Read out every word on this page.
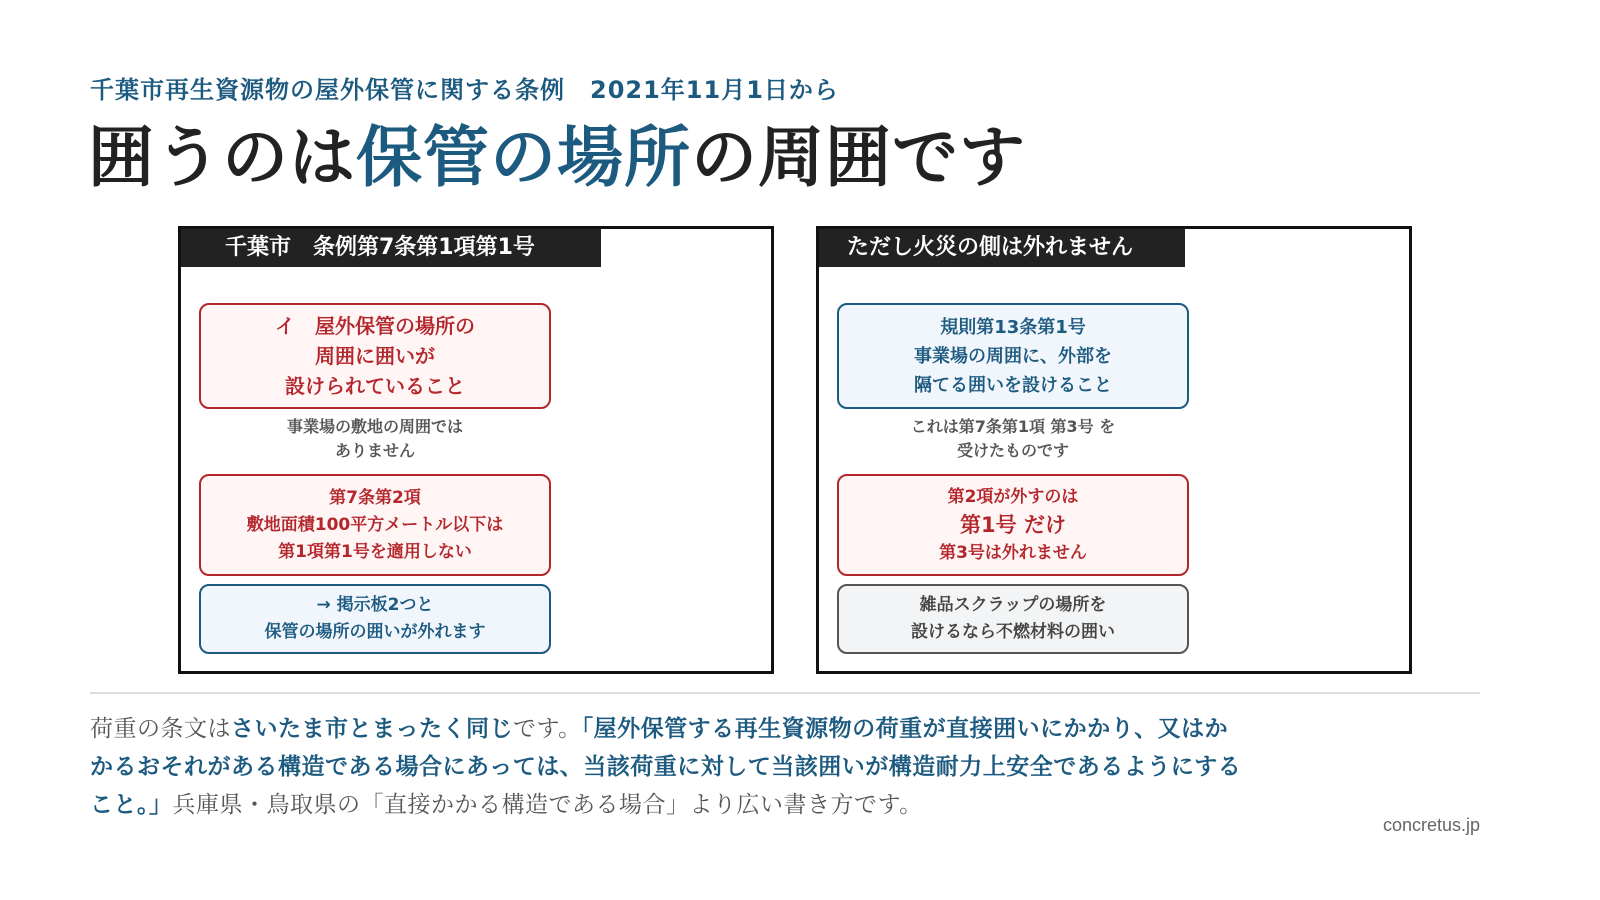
千葉市再生資源物の屋外保管に関する条例　2021年11月1日から
囲うのは保管の場所の周囲です
千葉市　条例第7条第1項第1号
イ　屋外保管の場所の
周囲に囲いが
設けられていること
事業場の敷地の周囲では
ありません
第7条第2項
敷地面積100平方メートル以下は
第1項第1号を適用しない
→ 掲示板2つと
保管の場所の囲いが外れます
ただし火災の側は外れません
規則第13条第1号
事業場の周囲に、外部を
隔てる囲いを設けること
これは第7条第1項 第3号 を
受けたものです
第2項が外すのは
第1号 だけ
第3号は外れません
雑品スクラップの場所を
設けるなら不燃材料の囲い
荷重の条文はさいたま市とまったく同じです。「屋外保管する再生資源物の荷重が直接囲いにかかり、又はかかるおそれがある構造である場合にあっては、当該荷重に対して当該囲いが構造耐力上安全であるようにすること。」兵庫県・鳥取県の「直接かかる構造である場合」より広い書き方です。
concretus.jp
